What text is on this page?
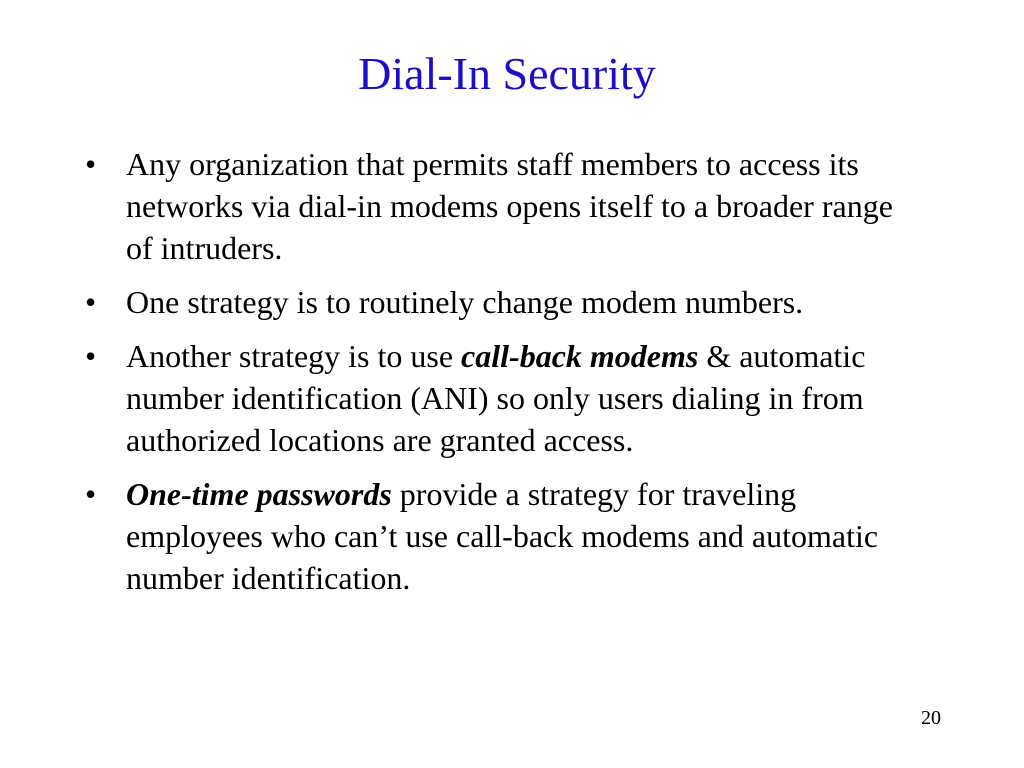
Dial-In Security
• Any organization that permits staff members to access its networks via dial-in modems opens itself to a broader range of intruders.
• One strategy is to routinely change modem numbers.
• Another strategy is to use call-back modems & automatic number identification (ANI) so only users dialing in from authorized locations are granted access.
• One-time passwords provide a strategy for traveling employees who can’t use call-back modems and automatic number identification.
20
